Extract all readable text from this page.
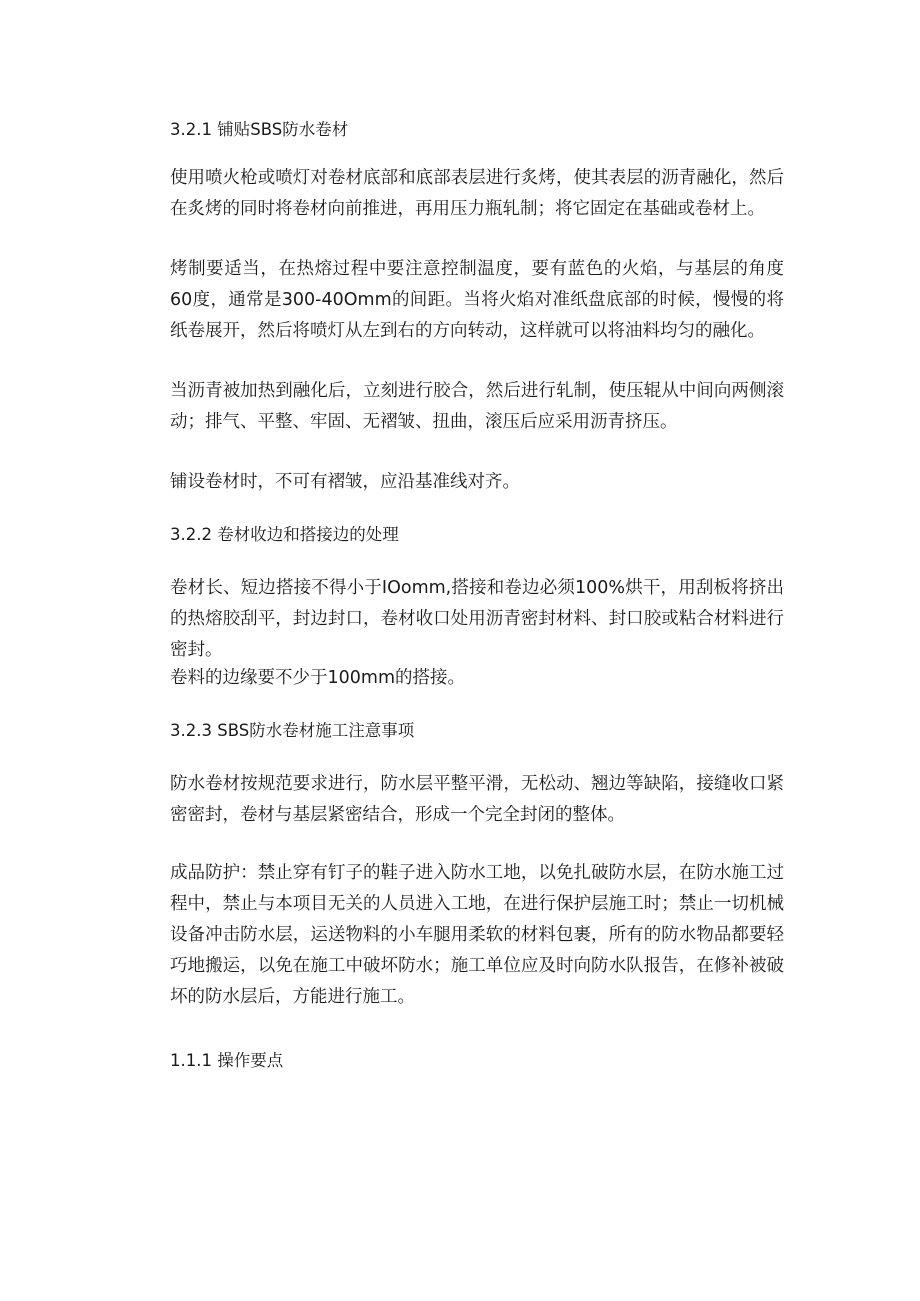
3.2.1 铺贴SBS防水卷材

使用喷火枪或喷灯对卷材底部和底部表层进行炙烤，使其表层的沥青融化，然后在炙烤的同时将卷材向前推进，再用压力瓶轧制；将它固定在基础或卷材上。

烤制要适当，在热熔过程中要注意控制温度，要有蓝色的火焰，与基层的角度60度，通常是300-40Omm的间距。当将火焰对准纸盘底部的时候，慢慢的将纸卷展开，然后将喷灯从左到右的方向转动，这样就可以将油料均匀的融化。

当沥青被加热到融化后，立刻进行胶合，然后进行轧制，使压辊从中间向两侧滚动；排气、平整、牢固、无褶皱、扭曲，滚压后应采用沥青挤压。

铺设卷材时，不可有褶皱，应沿基准线对齐。

3.2.2 卷材收边和搭接边的处理

卷材长、短边搭接不得小于IOomm,搭接和卷边必须100%烘干，用刮板将挤出的热熔胶刮平，封边封口，卷材收口处用沥青密封材料、封口胶或粘合材料进行密封。

卷料的边缘要不少于100mm的搭接。

3.2.3 SBS防水卷材施工注意事项

防水卷材按规范要求进行，防水层平整平滑，无松动、翘边等缺陷，接缝收口紧密密封，卷材与基层紧密结合，形成一个完全封闭的整体。

成品防护：禁止穿有钉子的鞋子进入防水工地，以免扎破防水层，在防水施工过程中，禁止与本项目无关的人员进入工地，在进行保护层施工时；禁止一切机械设备冲击防水层，运送物料的小车腿用柔软的材料包裹，所有的防水物品都要轻巧地搬运，以免在施工中破坏防水；施工单位应及时向防水队报告，在修补被破坏的防水层后，方能进行施工。

1.1.1 操作要点
